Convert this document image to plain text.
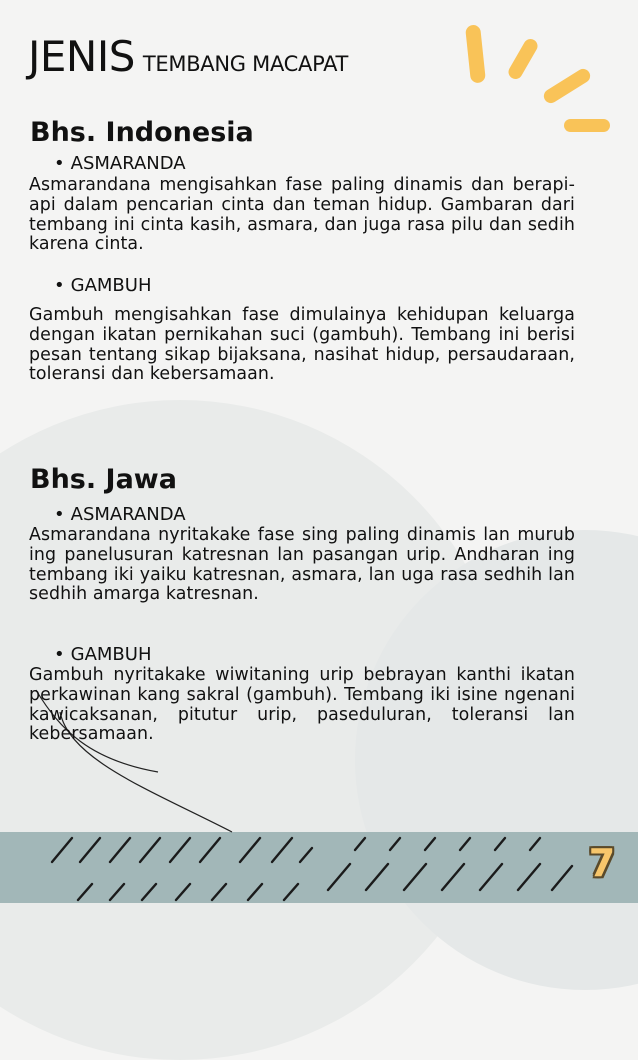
JENIS TEMBANG MACAPAT
Bhs. Indonesia
• ASMARANDA
Asmarandana mengisahkan fase paling dinamis dan berapi-api dalam pencarian cinta dan teman hidup. Gambaran dari tembang ini cinta kasih, asmara, dan juga rasa pilu dan sedih karena cinta.
• GAMBUH
Gambuh mengisahkan fase dimulainya kehidupan keluarga dengan ikatan pernikahan suci (gambuh). Tembang ini berisi pesan tentang sikap bijaksana, nasihat hidup, persaudaraan, toleransi dan kebersamaan.
Bhs. Jawa
• ASMARANDA
Asmarandana nyritakake fase sing paling dinamis lan murub ing panelusuran katresnan lan pasangan urip. Andharan ing tembang iki yaiku katresnan, asmara, lan uga rasa sedhih lan sedhih amarga katresnan.
• GAMBUH
Gambuh nyritakake wiwitaning urip bebrayan kanthi ikatan perkawinan kang sakral (gambuh). Tembang iki isine ngenani kawicaksanan, pitutur urip, paseduluran, toleransi lan kebersamaan.
7
